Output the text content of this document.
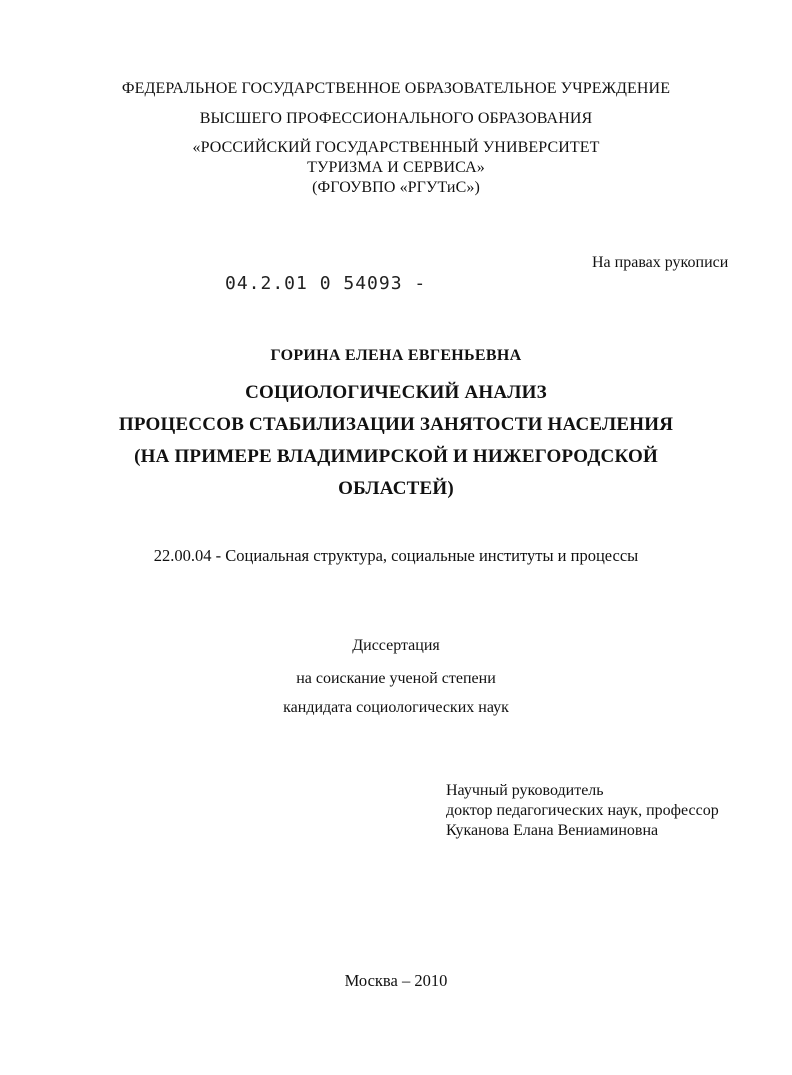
ФЕДЕРАЛЬНОЕ ГОСУДАРСТВЕННОЕ ОБРАЗОВАТЕЛЬНОЕ УЧРЕЖДЕНИЕ

ВЫСШЕГО ПРОФЕССИОНАЛЬНОГО ОБРАЗОВАНИЯ

«РОССИЙСКИЙ ГОСУДАРСТВЕННЫЙ УНИВЕРСИТЕТ

ТУРИЗМА И СЕРВИСА»

(ФГОУВПО «РГУТиС»)

На правах рукописи
04.2.01 0 54093 -

ГОРИНА ЕЛЕНА ЕВГЕНЬЕВНА

СОЦИОЛОГИЧЕСКИЙ АНАЛИЗ

ПРОЦЕССОВ СТАБИЛИЗАЦИИ ЗАНЯТОСТИ НАСЕЛЕНИЯ

(НА ПРИМЕРЕ ВЛАДИМИРСКОЙ И НИЖЕГОРОДСКОЙ

ОБЛАСТЕЙ)

22.00.04 - Социальная структура, социальные институты и процессы

Диссертация

на соискание ученой степени

кандидата социологических наук

Научный руководитель
доктор педагогических наук, профессор
Куканова Елана Вениаминовна

Москва – 2010
